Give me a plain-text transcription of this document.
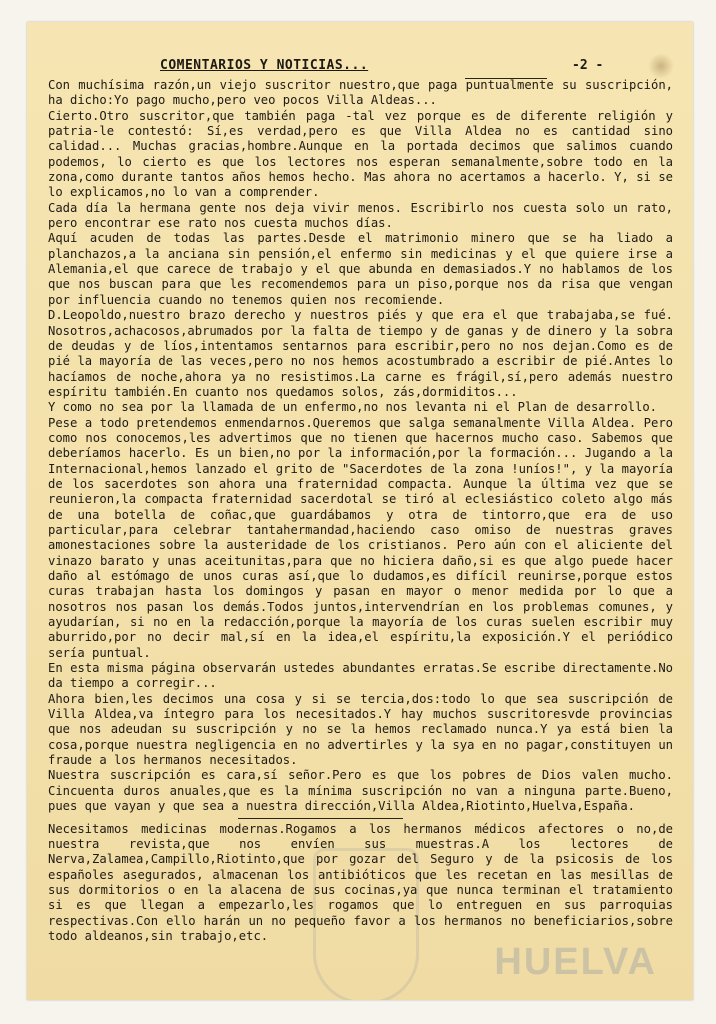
HUELVA
COMENTARIOS Y NOTICIAS...	-2 -

Con muchísima razón,un viejo suscritor nuestro,que paga puntualmente su suscripción, ha dicho:Yo pago mucho,pero veo pocos Villa Aldeas...

Cierto.Otro suscritor,que también paga -tal vez porque es de diferente religión y patria-le contestó: Sí,es verdad,pero es que Villa Aldea no es cantidad sino calidad... Muchas gracias,hombre.Aunque en la portada decimos que salimos cuando podemos, lo cierto es que los lectores nos esperan semanalmente,sobre todo en la zona,como durante tantos años hemos hecho. Mas ahora no acertamos a hacerlo. Y, si se lo explicamos,no lo van a comprender.

Cada día la hermana gente nos deja vivir menos. Escribirlo nos cuesta solo un rato, pero encontrar ese rato nos cuesta muchos días.

Aquí acuden de todas las partes.Desde el matrimonio minero que se ha liado a planchazos,a la anciana sin pensión,el enfermo sin medicinas y el que quiere irse a Alemania,el que carece de trabajo y el que abunda en demasiados.Y no hablamos de los que nos buscan para que les recomendemos para un piso,porque nos da risa que vengan por influencia cuando no tenemos quien nos recomiende.

D.Leopoldo,nuestro brazo derecho y nuestros piés y que era el que trabajaba,se fué. Nosotros,achacosos,abrumados por la falta de tiempo y de ganas y de dinero y la sobra de deudas y de líos,intentamos sentarnos para escribir,pero no nos dejan.Como es de pié la mayoría de las veces,pero no nos hemos acostumbrado a escribir de pié.Antes lo hacíamos de noche,ahora ya no resistimos.La carne es frágil,sí,pero además nuestro espíritu también.En cuanto nos quedamos solos, zás,dormiditos...

Y como no sea por la llamada de un enfermo,no nos levanta ni el Plan de desarrollo.

Pese a todo pretendemos enmendarnos.Queremos que salga semanalmente Villa Aldea. Pero como nos conocemos,les advertimos que no tienen que hacernos mucho caso. Sabemos que deberíamos hacerlo. Es un bien,no por la información,por la formación... Jugando a la Internacional,hemos lanzado el grito de "Sacerdotes de la zona !uníos!", y la mayoría de los sacerdotes son ahora una fraternidad compacta. Aunque la última vez que se reunieron,la compacta fraternidad sacerdotal se tiró al eclesiástico coleto algo más de una botella de coñac,que guardábamos y otra de tintorro,que era de uso particular,para celebrar tantahermandad,haciendo caso omiso de nuestras graves amonestaciones sobre la austeridade de los cristianos. Pero aún con el aliciente del vinazo barato y unas aceitunitas,para que no hiciera daño,si es que algo puede hacer daño al estómago de unos curas así,que lo dudamos,es difícil reunirse,porque estos curas trabajan hasta los domingos y pasan en mayor o menor medida por lo que a nosotros nos pasan los demás.Todos juntos,intervendrían en los problemas comunes, y ayudarían, si no en la redacción,porque la mayoría de los curas suelen escribir muy aburrido,por no decir mal,sí en la idea,el espíritu,la exposición.Y el periódico sería puntual.

En esta misma página observarán ustedes abundantes erratas.Se escribe directamente.No da tiempo a corregir...

Ahora bien,les decimos una cosa y si se tercia,dos:todo lo que sea suscripción de Villa Aldea,va íntegro para los necesitados.Y hay muchos suscritoresvde provincias que nos adeudan su suscripción y no se la hemos reclamado nunca.Y ya está bien la cosa,porque nuestra negligencia en no advertirles y la sya en no pagar,constituyen un fraude a los hermanos necesitados.

Nuestra suscripción es cara,sí señor.Pero es que los pobres de Dios valen mucho. Cincuenta duros anuales,que es la mínima suscripción no van a ninguna parte.Bueno, pues que vayan y que sea a nuestra dirección,Villa Aldea,Riotinto,Huelva,España.

Necesitamos medicinas modernas.Rogamos a los hermanos médicos afectores o no,de nuestra revista,que nos envíen sus muestras.A los lectores de Nerva,Zalamea,Campillo,Riotinto,que por gozar del Seguro y de la psicosis de los españoles asegurados, almacenan los antibióticos que les recetan en las mesillas de sus dormitorios o en la alacena de sus cocinas,ya que nunca terminan el tratamiento si es que llegan a empezarlo,les rogamos que lo entreguen en sus parroquias respectivas.Con ello harán un no pequeño favor a los hermanos no beneficiarios,sobre todo aldeanos,sin trabajo,etc.
